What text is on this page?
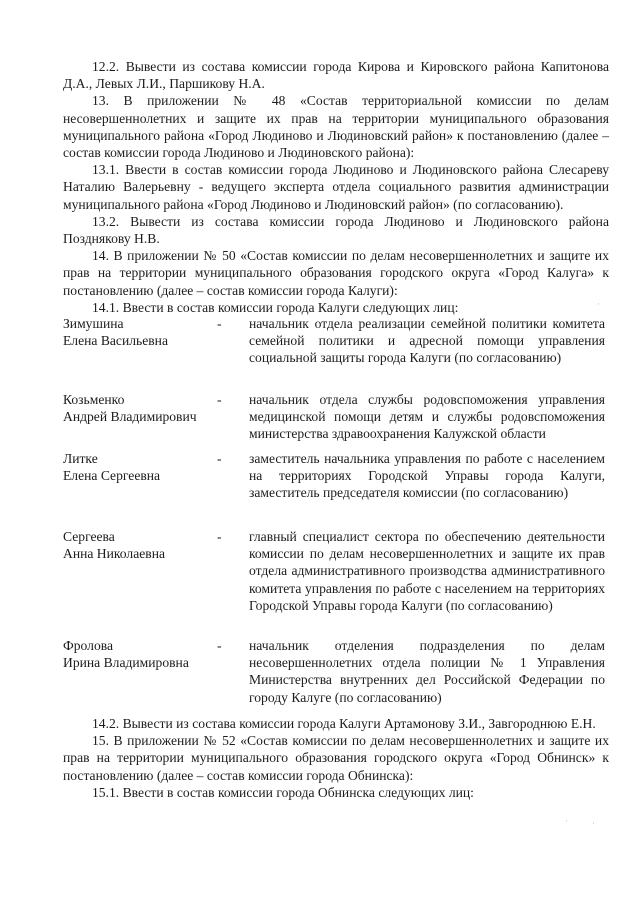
12.2. Вывести из состава комиссии города Кирова и Кировского района Капитонова Д.А., Левых Л.И., Паршикову Н.А.

13. В приложении № 48 «Состав территориальной комиссии по делам несовершеннолетних и защите их прав на территории муниципального образования муниципального района «Город Людиново и Людиновский район» к постановлению (далее – состав комиссии города Людиново и Людиновского района):

13.1. Ввести в состав комиссии города Людиново и Людиновского района Слесареву Наталию Валерьевну - ведущего эксперта отдела социального развития администрации муниципального района «Город Людиново и Людиновский район» (по согласованию).

13.2. Вывести из состава комиссии города Людиново и Людиновского района Позднякову Н.В.

14. В приложении № 50 «Состав комиссии по делам несовершеннолетних и защите их прав на территории муниципального образования городского округа «Город Калуга» к постановлению (далее – состав комиссии города Калуги):

14.1. Ввести в состав комиссии города Калуги следующих лиц:

Зимушина
Елена Васильевна
-	начальник отдела реализации семейной политики комитета семейной политики и адресной помощи управления социальной защиты города Калуги (по согласованию)
Козьменко
Андрей Владимирович
-	начальник отдела службы родовспоможения управления медицинской помощи детям и службы родовспоможения министерства здравоохранения Калужской области
Литке
Елена Сергеевна
-	заместитель начальника управления по работе с населением на территориях Городской Управы города Калуги, заместитель председателя комиссии (по согласованию)
Сергеева
Анна Николаевна
-	главный специалист сектора по обеспечению деятельности комиссии по делам несовершеннолетних и защите их прав отдела административного производства административного комитета управления по работе с населением на территориях Городской Управы города Калуги (по согласованию)
Фролова
Ирина Владимировна
-	начальник отделения подразделения по делам несовершеннолетних отдела полиции № 1 Управления Министерства внутренних дел Российской Федерации по городу Калуге (по согласованию)

14.2. Вывести из состава комиссии города Калуги Артамонову З.И., Завгороднюю Е.Н.

15. В приложении № 52 «Состав комиссии по делам несовершеннолетних и защите их прав на территории муниципального образования городского округа «Город Обнинск» к постановлению (далее – состав комиссии города Обнинска):

15.1. Ввести в состав комиссии города Обнинска следующих лиц:

·
·	·
